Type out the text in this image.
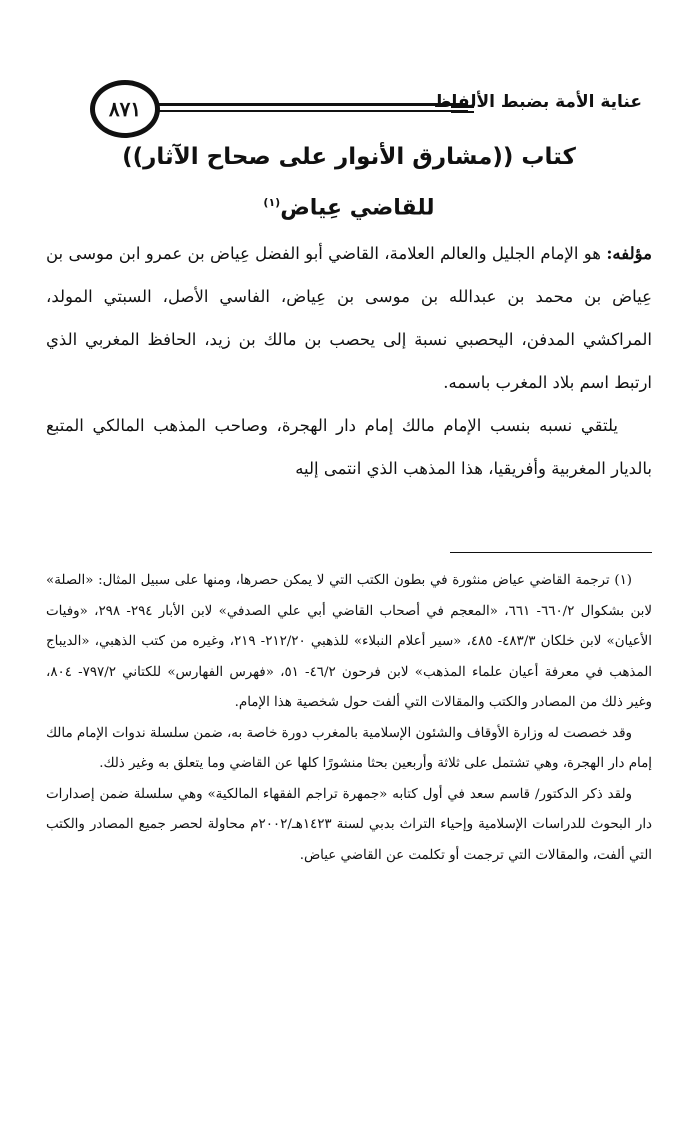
عناية الأمة بضبط الألفاظ
٨٧١
كتاب ((مشارق الأنوار على صحاح الآثار))
للقاضي عِياض$^{(١)}$

مؤلفه: هو الإمام الجليل والعالم العلامة، القاضي أبو الفضل عِياض بن عمرو ابن موسى بن عِياض بن محمد بن عبدالله بن موسى بن عِياض، الفاسي الأصل، السبتي المولد، المراكشي المدفن، اليحصبي نسبة إلى يحصب بن مالك بن زيد، الحافظ المغربي الذي ارتبط اسم بلاد المغرب باسمه.

يلتقي نسبه بنسب الإمام مالك إمام دار الهجرة، وصاحب المذهب المالكي المتبع بالديار المغربية وأفريقيا، هذا المذهب الذي انتمى إليه

(١) ترجمة القاضي عياض منثورة في بطون الكتب التي لا يمكن حصرها، ومنها على سبيل المثال: «الصلة» لابن بشكوال ٦٦٠/٢- ٦٦١، «المعجم في أصحاب القاضي أبي علي الصدفي» لابن الأبار ٢٩٤- ٢٩٨، «وفيات الأعيان» لابن خلكان ٤٨٣/٣- ٤٨٥، «سير أعلام النبلاء» للذهبي ٢١٢/٢٠- ٢١٩، وغيره من كتب الذهبي، «الديباج المذهب في معرفة أعيان علماء المذهب» لابن فرحون ٤٦/٢- ٥١، «فهرس الفهارس» للكتاني ٧٩٧/٢- ٨٠٤، وغير ذلك من المصادر والكتب والمقالات التي ألفت حول شخصية هذا الإمام.

وقد خصصت له وزارة الأوقاف والشئون الإسلامية بالمغرب دورة خاصة به، ضمن سلسلة ندوات الإمام مالك إمام دار الهجرة، وهي تشتمل على ثلاثة وأربعين بحثا منشورًا كلها عن القاضي وما يتعلق به وغير ذلك.

ولقد ذكر الدكتور/ قاسم سعد في أول كتابه «جمهرة تراجم الفقهاء المالكية» وهي سلسلة ضمن إصدارات دار البحوث للدراسات الإسلامية وإحياء التراث بدبي لسنة ١٤٢٣هـ/٢٠٠٢م محاولة لحصر جميع المصادر والكتب التي ألفت، والمقالات التي ترجمت أو تكلمت عن القاضي عياض.
